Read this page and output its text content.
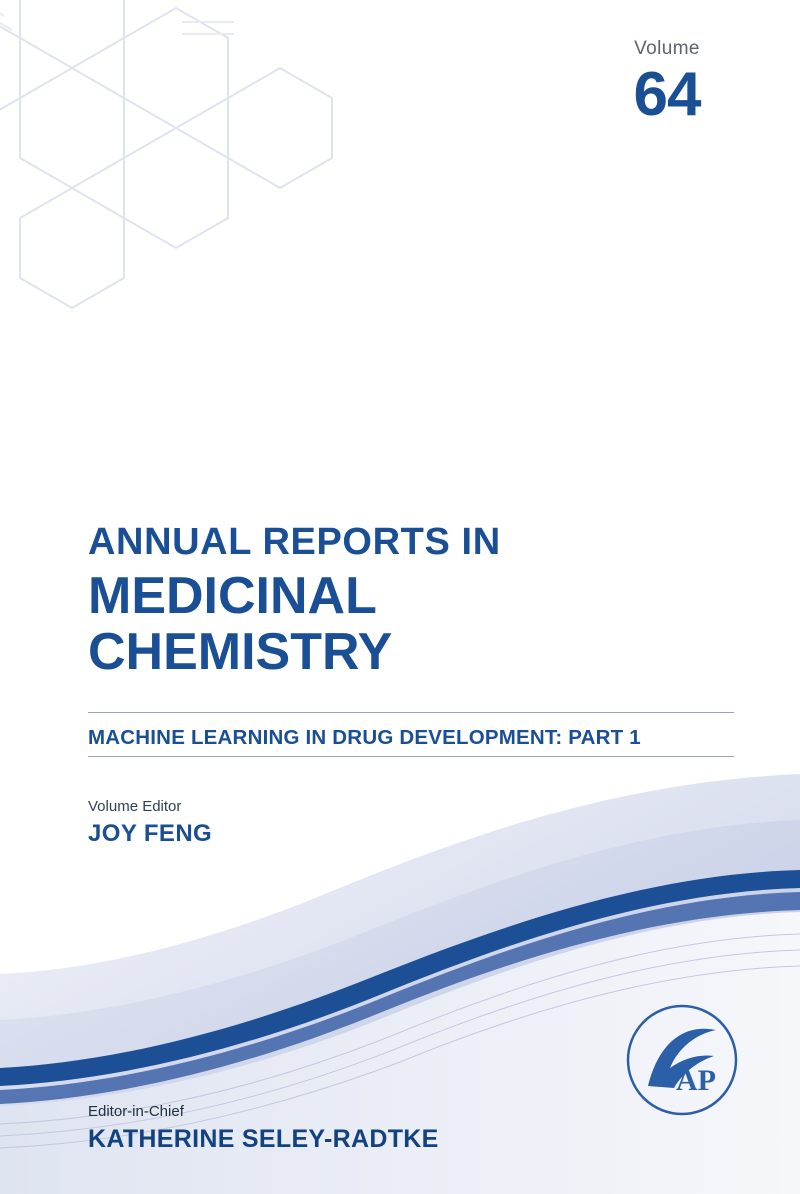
Volume
64
ANNUAL REPORTS IN
MEDICINAL
CHEMISTRY
MACHINE LEARNING IN DRUG DEVELOPMENT: PART 1
Volume Editor
JOY FENG
AP
Editor-in-Chief
KATHERINE SELEY-RADTKE
